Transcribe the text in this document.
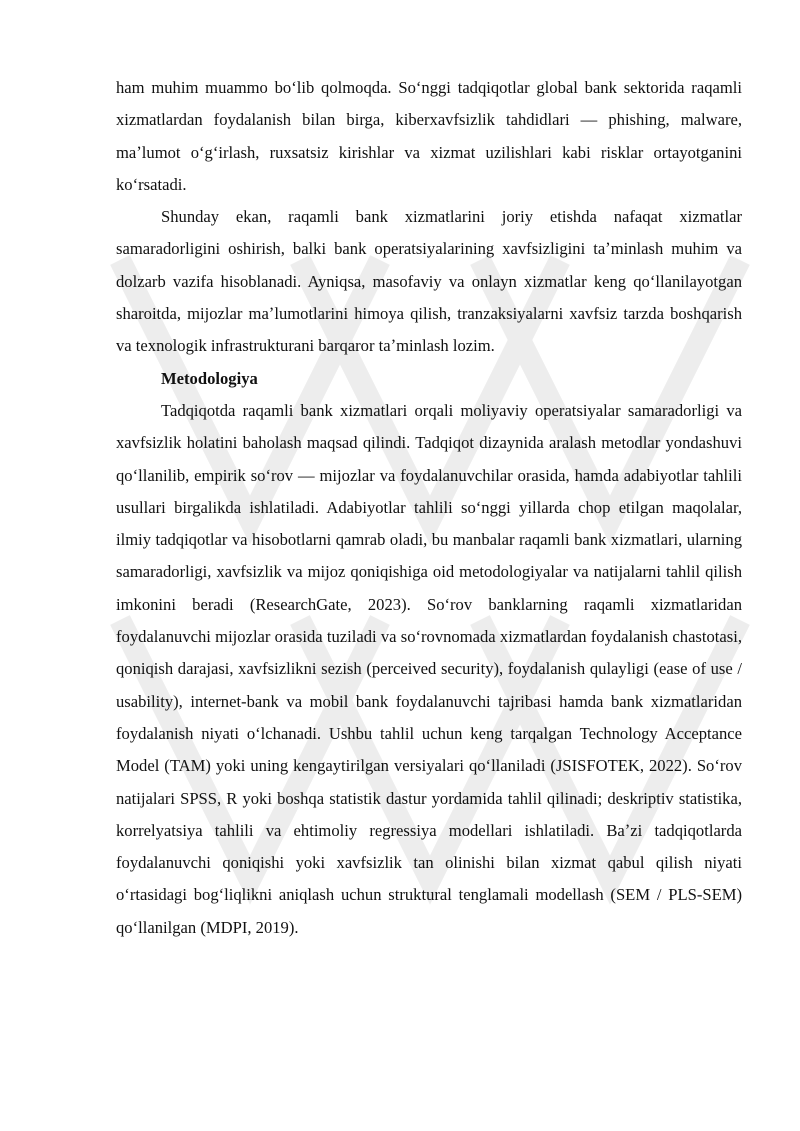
ham muhim muammo boʻlib qolmoqda. Soʻnggi tadqiqotlar global bank sektorida raqamli xizmatlardan foydalanish bilan birga, kiberxavfsizlik tahdidlari — phishing, malware, maʼlumot oʻgʻirlash, ruxsatsiz kirishlar va xizmat uzilishlari kabi risklar ortayotganini koʻrsatadi.

Shunday ekan, raqamli bank xizmatlarini joriy etishda nafaqat xizmatlar samaradorligini oshirish, balki bank operatsiyalarining xavfsizligini taʼminlash muhim va dolzarb vazifa hisoblanadi. Ayniqsa, masofaviy va onlayn xizmatlar keng qoʻllanilayotgan sharoitda, mijozlar maʼlumotlarini himoya qilish, tranzaksiyalarni xavfsiz tarzda boshqarish va texnologik infrastrukturani barqaror taʼminlash lozim.

Metodologiya

Tadqiqotda raqamli bank xizmatlari orqali moliyaviy operatsiyalar samaradorligi va xavfsizlik holatini baholash maqsad qilindi. Tadqiqot dizaynida aralash metodlar yondashuvi qoʻllanilib, empirik soʻrov — mijozlar va foydalanuvchilar orasida, hamda adabiyotlar tahlili usullari birgalikda ishlatiladi. Adabiyotlar tahlili soʻnggi yillarda chop etilgan maqolalar, ilmiy tadqiqotlar va hisobotlarni qamrab oladi, bu manbalar raqamli bank xizmatlari, ularning samaradorligi, xavfsizlik va mijoz qoniqishiga oid metodologiyalar va natijalarni tahlil qilish imkonini beradi (ResearchGate, 2023). Soʻrov banklarning raqamli xizmatlaridan foydalanuvchi mijozlar orasida tuziladi va soʻrovnomada xizmatlardan foydalanish chastotasi, qoniqish darajasi, xavfsizlikni sezish (perceived security), foydalanish qulayligi (ease of use / usability), internet-bank va mobil bank foydalanuvchi tajribasi hamda bank xizmatlaridan foydalanish niyati oʻlchanadi. Ushbu tahlil uchun keng tarqalgan Technology Acceptance Model (TAM) yoki uning kengaytirilgan versiyalari qoʻllaniladi (JSISFOTEK, 2022). Soʻrov natijalari SPSS, R yoki boshqa statistik dastur yordamida tahlil qilinadi; deskriptiv statistika, korrelyatsiya tahlili va ehtimoliy regressiya modellari ishlatiladi. Baʼzi tadqiqotlarda foydalanuvchi qoniqishi yoki xavfsizlik tan olinishi bilan xizmat qabul qilish niyati oʻrtasidagi bogʻliqlikni aniqlash uchun struktural tenglamali modellash (SEM / PLS-SEM) qoʻllanilgan (MDPI, 2019).
